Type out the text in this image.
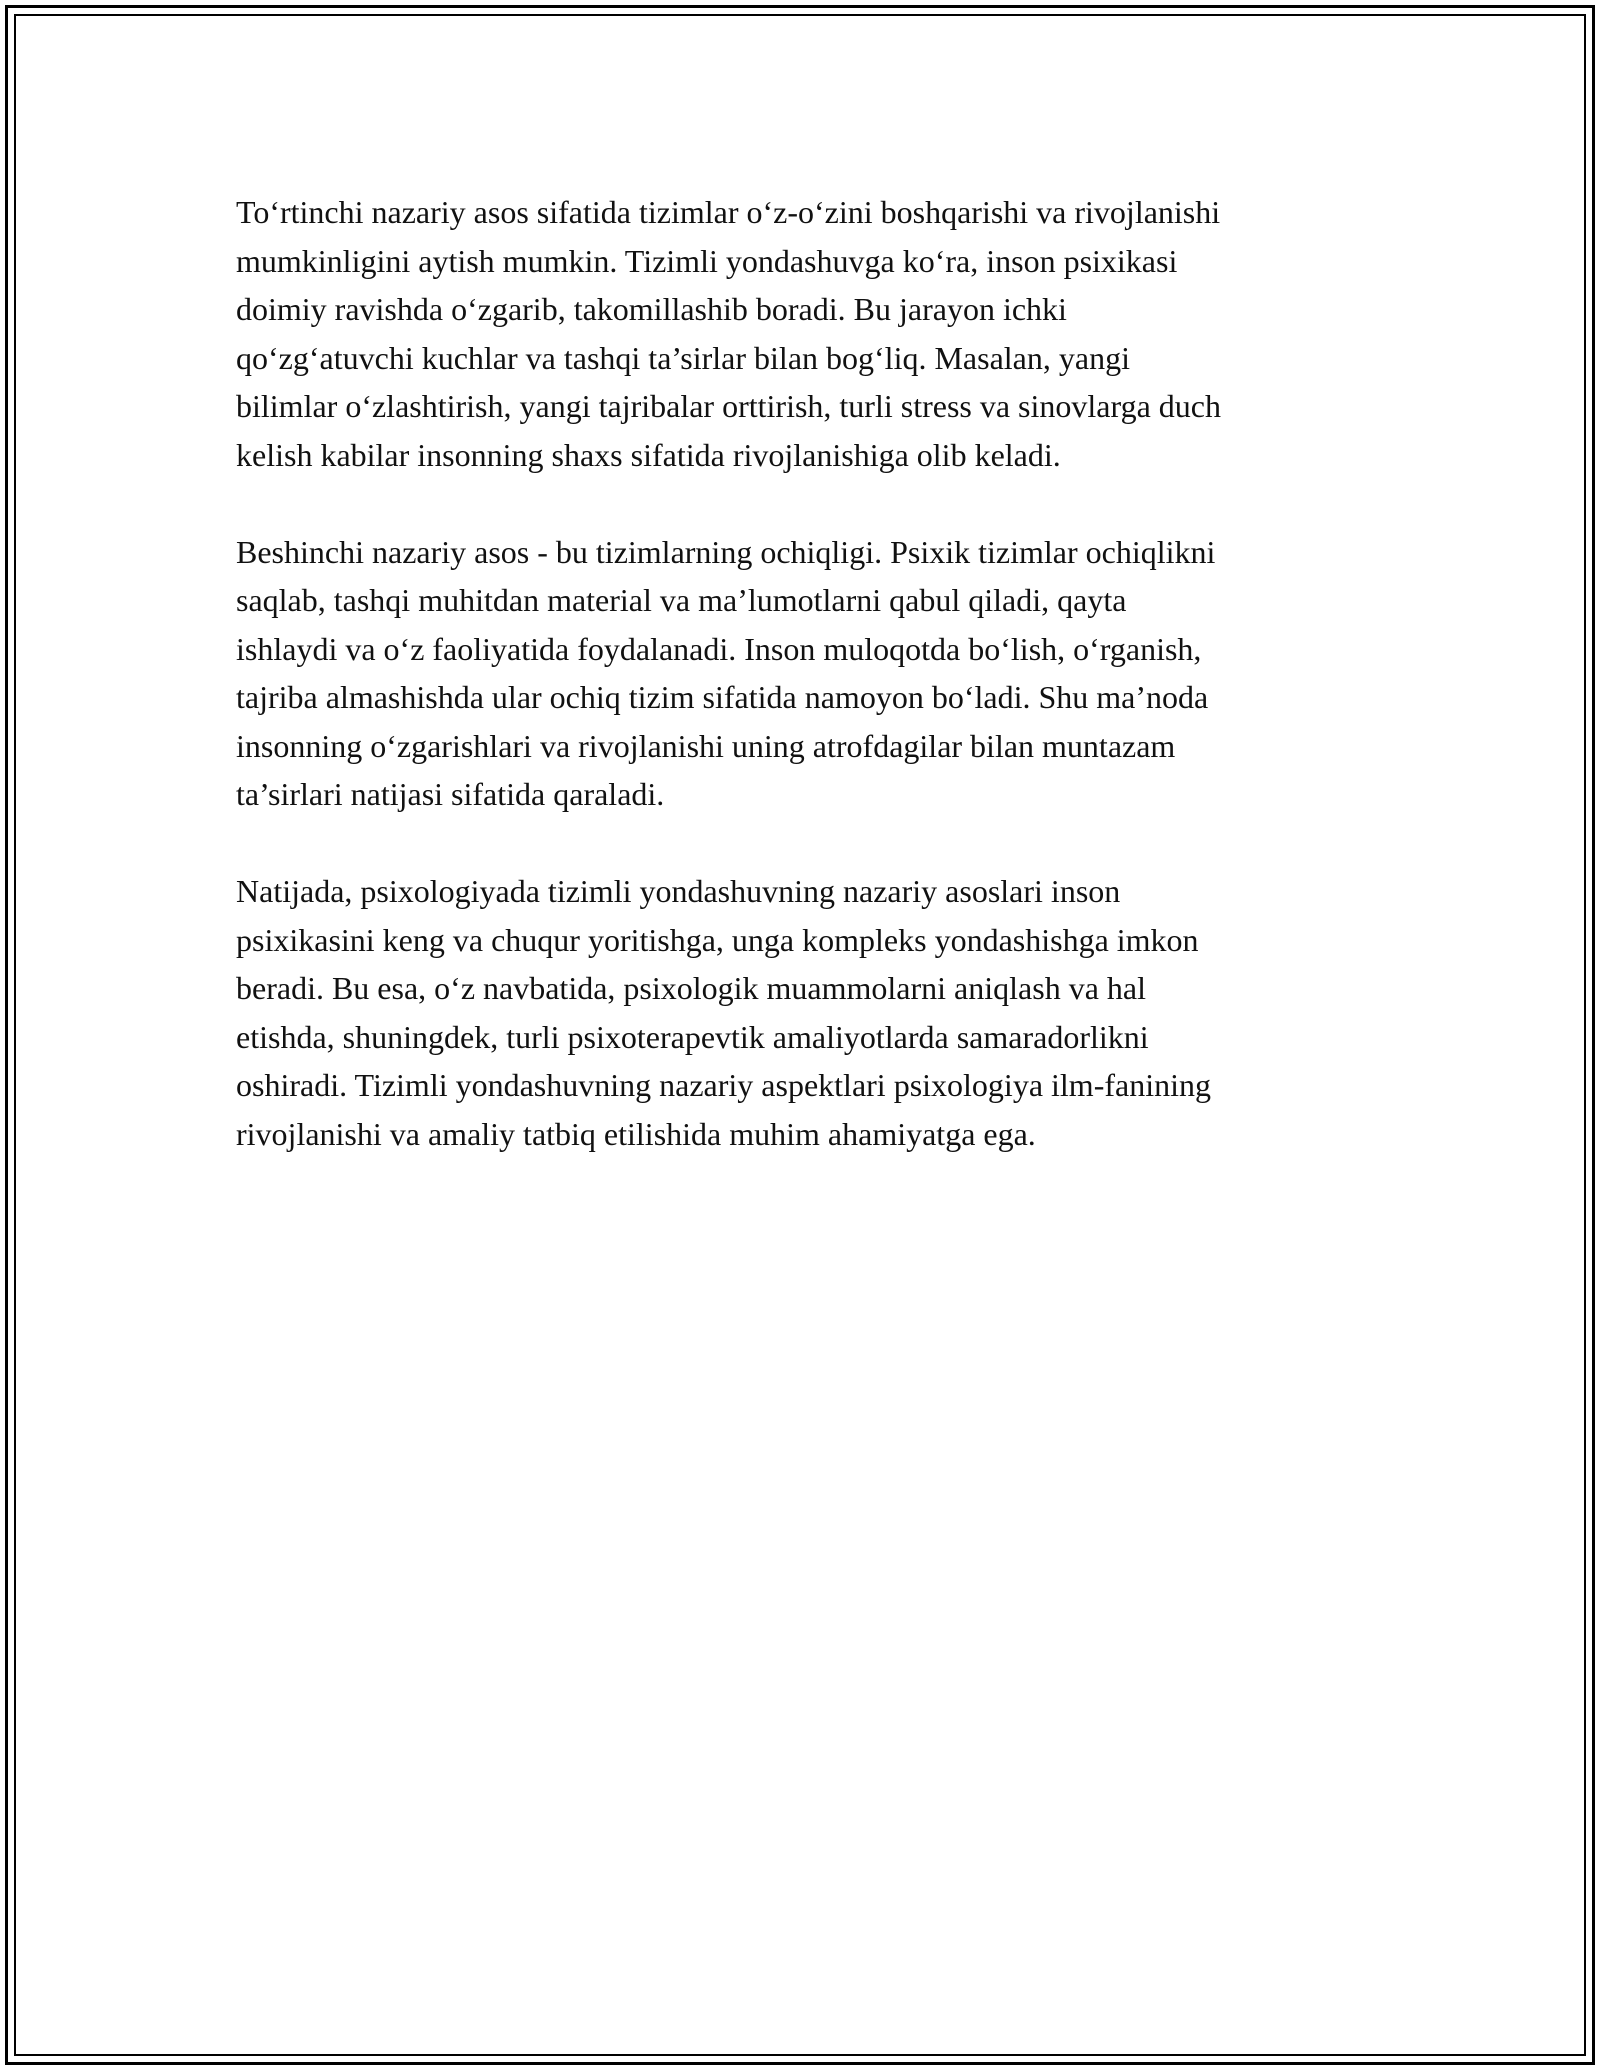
To‘rtinchi nazariy asos sifatida tizimlar o‘z-o‘zini boshqarishi va rivojlanishi
mumkinligini aytish mumkin. Tizimli yondashuvga ko‘ra, inson psixikasi
doimiy ravishda o‘zgarib, takomillashib boradi. Bu jarayon ichki
qo‘zg‘atuvchi kuchlar va tashqi ta’sirlar bilan bog‘liq. Masalan, yangi
bilimlar o‘zlashtirish, yangi tajribalar orttirish, turli stress va sinovlarga duch
kelish kabilar insonning shaxs sifatida rivojlanishiga olib keladi.

Beshinchi nazariy asos - bu tizimlarning ochiqligi. Psixik tizimlar ochiqlikni
saqlab, tashqi muhitdan material va ma’lumotlarni qabul qiladi, qayta
ishlaydi va o‘z faoliyatida foydalanadi. Inson muloqotda bo‘lish, o‘rganish,
tajriba almashishda ular ochiq tizim sifatida namoyon bo‘ladi. Shu ma’noda
insonning o‘zgarishlari va rivojlanishi uning atrofdagilar bilan muntazam
ta’sirlari natijasi sifatida qaraladi.

Natijada, psixologiyada tizimli yondashuvning nazariy asoslari inson
psixikasini keng va chuqur yoritishga, unga kompleks yondashishga imkon
beradi. Bu esa, o‘z navbatida, psixologik muammolarni aniqlash va hal
etishda, shuningdek, turli psixoterapevtik amaliyotlarda samaradorlikni
oshiradi. Tizimli yondashuvning nazariy aspektlari psixologiya ilm-fanining
rivojlanishi va amaliy tatbiq etilishida muhim ahamiyatga ega.
